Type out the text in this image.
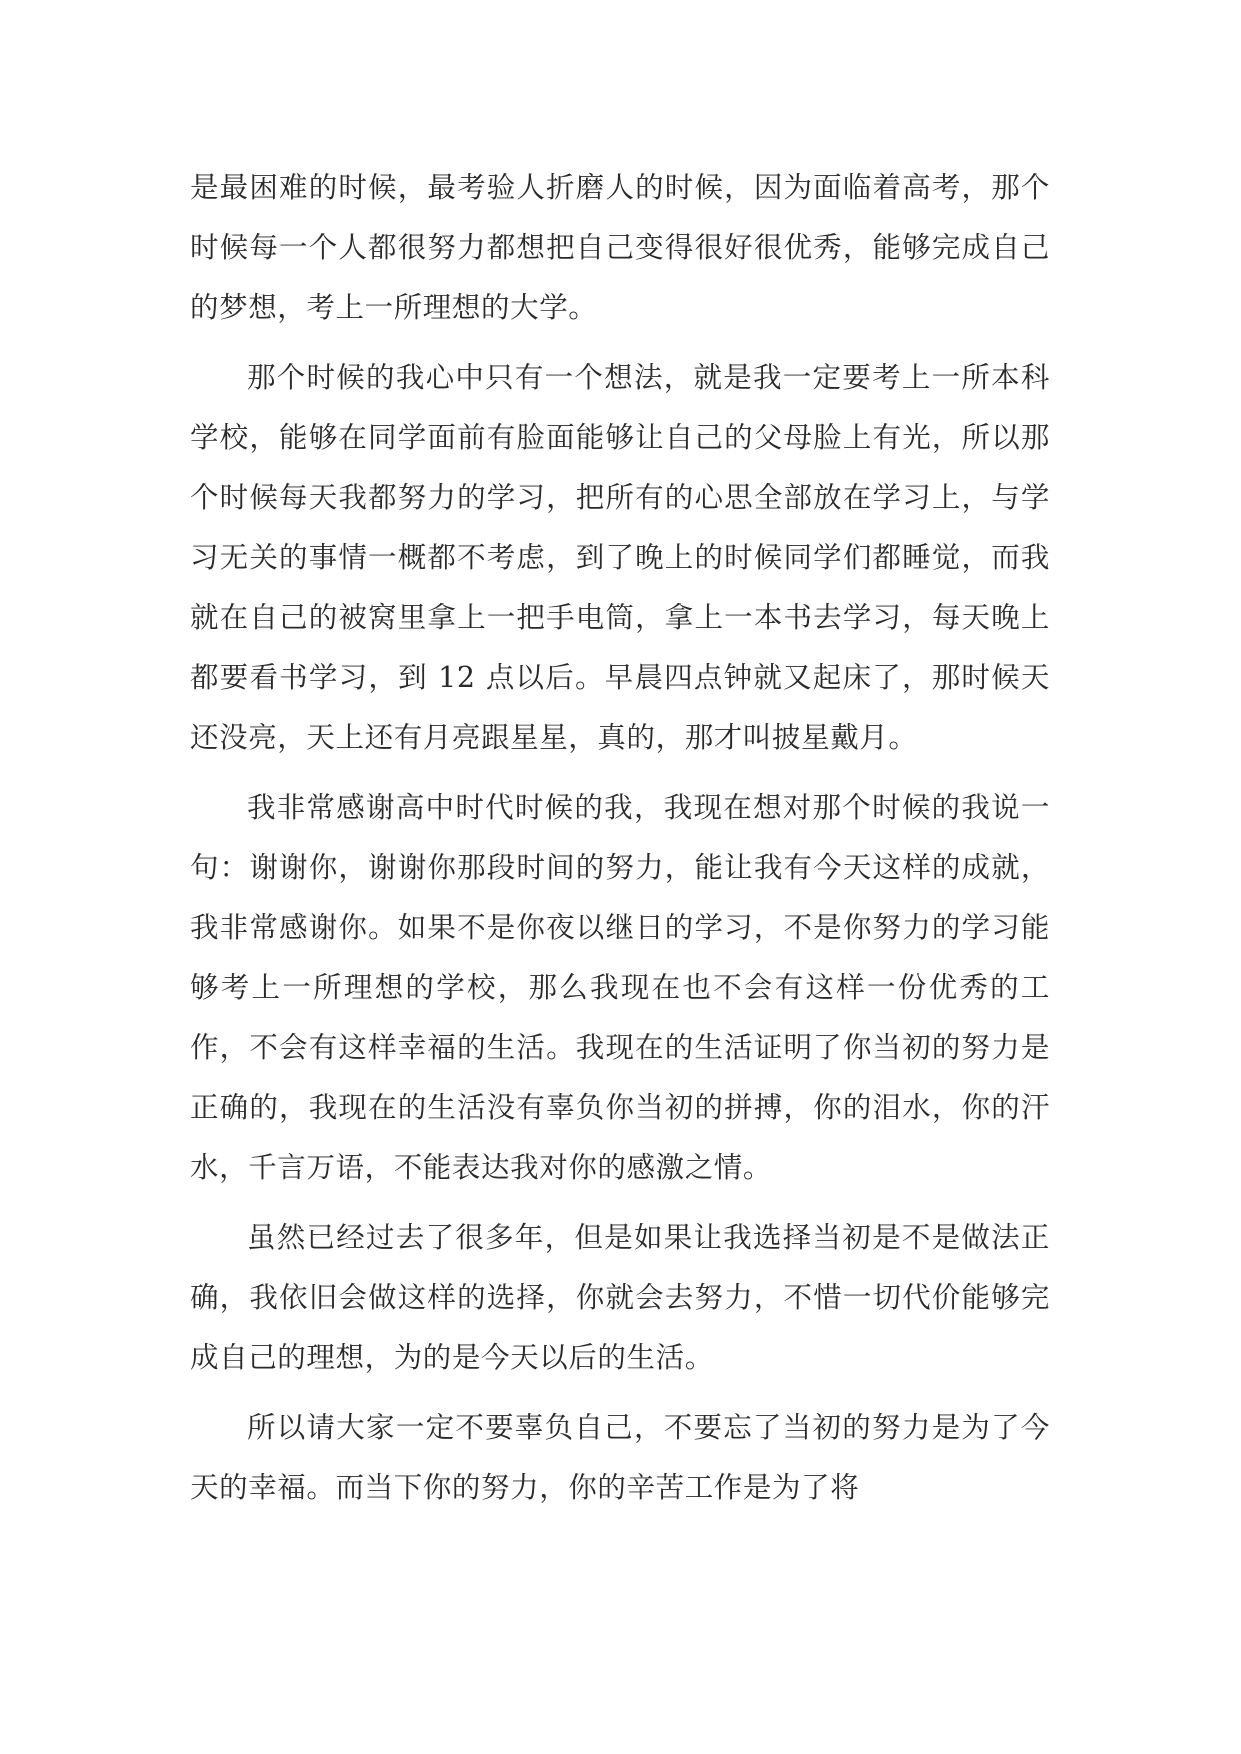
是最困难的时候，最考验人折磨人的时候，因为面临着高考，那个时候每一个人都很努力都想把自己变得很好很优秀，能够完成自己的梦想，考上一所理想的大学。

那个时候的我心中只有一个想法，就是我一定要考上一所本科学校，能够在同学面前有脸面能够让自己的父母脸上有光，所以那个时候每天我都努力的学习，把所有的心思全部放在学习上，与学习无关的事情一概都不考虑，到了晚上的时候同学们都睡觉，而我就在自己的被窝里拿上一把手电筒，拿上一本书去学习，每天晚上都要看书学习，到 12 点以后。早晨四点钟就又起床了，那时候天还没亮，天上还有月亮跟星星，真的，那才叫披星戴月。

我非常感谢高中时代时候的我，我现在想对那个时候的我说一句：谢谢你，谢谢你那段时间的努力，能让我有今天这样的成就，我非常感谢你。如果不是你夜以继日的学习，不是你努力的学习能够考上一所理想的学校，那么我现在也不会有这样一份优秀的工作，不会有这样幸福的生活。我现在的生活证明了你当初的努力是正确的，我现在的生活没有辜负你当初的拼搏，你的泪水，你的汗水，千言万语，不能表达我对你的感激之情。

虽然已经过去了很多年，但是如果让我选择当初是不是做法正确，我依旧会做这样的选择，你就会去努力，不惜一切代价能够完成自己的理想，为的是今天以后的生活。

所以请大家一定不要辜负自己，不要忘了当初的努力是为了今天的幸福。而当下你的努力，你的辛苦工作是为了将
